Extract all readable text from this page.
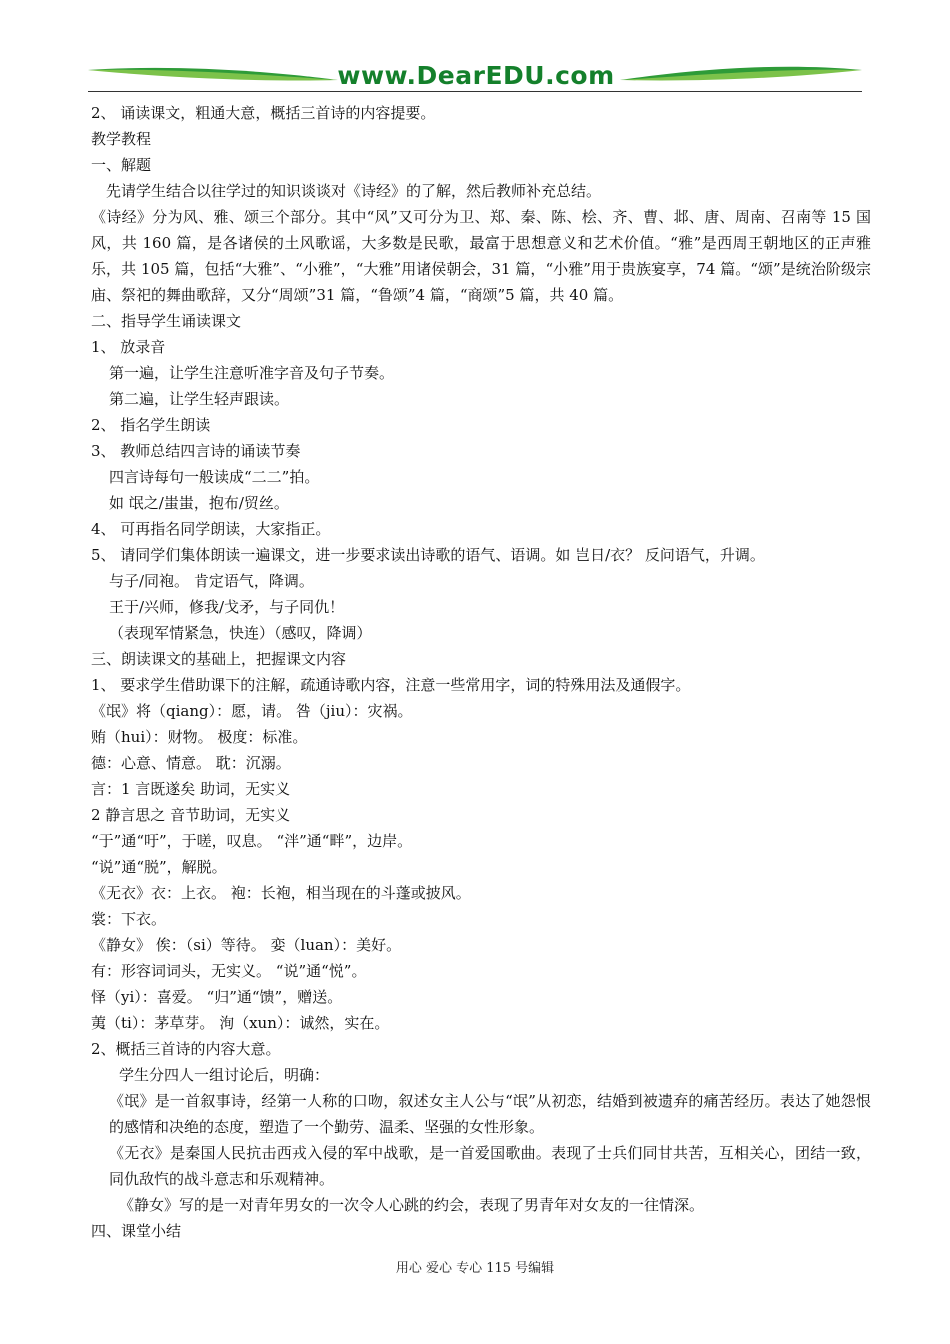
www.DearEDU.com
2、 诵读课文，粗通大意，概括三首诗的内容提要。
教学教程
一、解题
先请学生结合以往学过的知识谈谈对《诗经》的了解，然后教师补充总结。
《诗经》分为风、雅、颂三个部分。其中“风”又可分为卫、郑、秦、陈、桧、齐、曹、邶、唐、周南、召南等 15 国风，共 160 篇，是各诸侯的土风歌谣，大多数是民歌，最富于思想意义和艺术价值。“雅”是西周王朝地区的正声雅乐，共 105 篇，包括“大雅”、“小雅”，“大雅”用诸侯朝会，31 篇，“小雅”用于贵族宴享，74 篇。“颂”是统治阶级宗庙、祭祀的舞曲歌辞，又分“周颂”31 篇，“鲁颂”4 篇，“商颂”5 篇，共 40 篇。
二、指导学生诵读课文
1、 放录音
第一遍，让学生注意听准字音及句子节奏。
第二遍，让学生轻声跟读。
2、 指名学生朗读
3、 教师总结四言诗的诵读节奏
四言诗每句一般读成“二二”拍。
如 氓之/蚩蚩，抱布/贸丝。
4、 可再指名同学朗读，大家指正。
5、 请同学们集体朗读一遍课文，进一步要求读出诗歌的语气、语调。如 岂日/衣？ 反问语气，升调。
与子/同袍。 肯定语气，降调。
王于/兴师，修我/戈矛，与子同仇！
（表现军情紧急，快连）（感叹，降调）
三、朗读课文的基础上，把握课文内容
1、 要求学生借助课下的注解，疏通诗歌内容，注意一些常用字，词的特殊用法及通假字。
《氓》将（qiang）：愿，请。 咎（jiu）：灾祸。
贿（hui）：财物。 极度：标准。
德：心意、情意。 耽：沉溺。
言：1 言既遂矣 助词，无实义
2 静言思之 音节助词，无实义
“于”通“吁”，于嗟，叹息。 “泮”通“畔”，边岸。
“说”通“脱”，解脱。
《无衣》衣：上衣。 袍：长袍，相当现在的斗蓬或披风。
裳：下衣。
《静女》 俟：（si）等待。 娈（luan）：美好。
有：形容词词头，无实义。 “说”通“悦”。
怿（yi）：喜爱。 “归”通“馈”，赠送。
荑（ti）：茅草芽。 洵（xun）：诚然，实在。
2、概括三首诗的内容大意。
学生分四人一组讨论后，明确：
《氓》是一首叙事诗，经第一人称的口吻，叙述女主人公与“氓”从初恋，结婚到被遗弃的痛苦经历。表达了她怨恨的感情和决绝的态度，塑造了一个勤劳、温柔、坚强的女性形象。
《无衣》是秦国人民抗击西戎入侵的军中战歌，是一首爱国歌曲。表现了士兵们同甘共苦，互相关心，团结一致，同仇敌忾的战斗意志和乐观精神。
《静女》写的是一对青年男女的一次令人心跳的约会，表现了男青年对女友的一往情深。
四、课堂小结
用心 爱心 专心 115 号编辑
